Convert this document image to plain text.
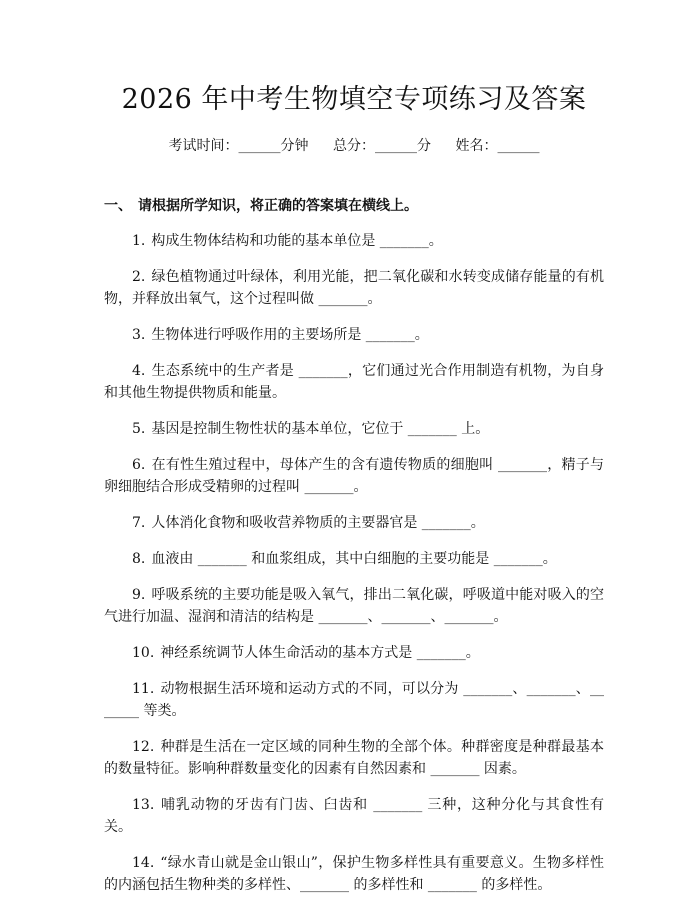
2026 年中考生物填空专项练习及答案
考试时间：______分钟 总分：______分 姓名：______
一、 请根据所学知识，将正确的答案填在横线上。
1. 构成生物体结构和功能的基本单位是 _______。
2. 绿色植物通过叶绿体，利用光能，把二氧化碳和水转变成储存能量的有机物，并释放出氧气，这个过程叫做 _______。
3. 生物体进行呼吸作用的主要场所是 _______。
4. 生态系统中的生产者是 _______，它们通过光合作用制造有机物，为自身和其他生物提供物质和能量。
5. 基因是控制生物性状的基本单位，它位于 _______ 上。
6. 在有性生殖过程中，母体产生的含有遗传物质的细胞叫 _______，精子与卵细胞结合形成受精卵的过程叫 _______。
7. 人体消化食物和吸收营养物质的主要器官是 _______。
8. 血液由 _______ 和血浆组成，其中白细胞的主要功能是 _______。
9. 呼吸系统的主要功能是吸入氧气，排出二氧化碳，呼吸道中能对吸入的空气进行加温、湿润和清洁的结构是 _______、_______、_______。
10. 神经系统调节人体生命活动的基本方式是 _______。
11. 动物根据生活环境和运动方式的不同，可以分为 _______、_______、_______ 等类。
12. 种群是生活在一定区域的同种生物的全部个体。种群密度是种群最基本的数量特征。影响种群数量变化的因素有自然因素和 _______ 因素。
13. 哺乳动物的牙齿有门齿、臼齿和 _______ 三种，这种分化与其食性有关。
14. “绿水青山就是金山银山”，保护生物多样性具有重要意义。生物多样性的内涵包括生物种类的多样性、_______ 的多样性和 _______ 的多样性。
